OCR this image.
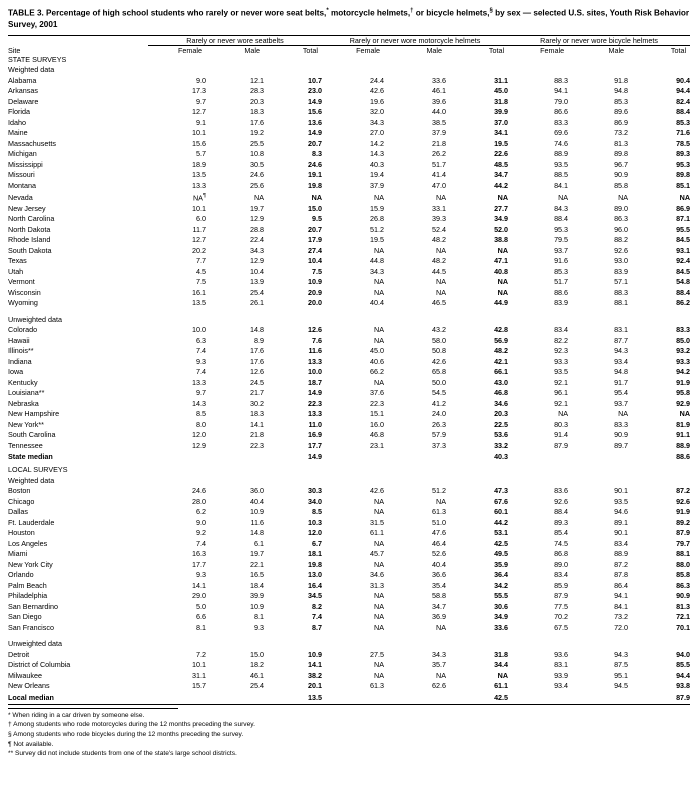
TABLE 3. Percentage of high school students who rarely or never wore seat belts,* motorcycle helmets,† or bicycle helmets,§ by sex — selected U.S. sites, Youth Risk Behavior Survey, 2001
	Rarely or never wore seatbelts			Rarely or never wore motorcycle helmets			Rarely or never wore bicycle helmets		
Site	Female	Male	Total	Female	Male	Total	Female	Male	Total
STATE SURVEYS									
Weighted data									
Alabama	9.0	12.1	10.7	24.4	33.6	31.1	88.3	91.8	90.4
Arkansas	17.3	28.3	23.0	42.6	46.1	45.0	94.1	94.8	94.4
Delaware	9.7	20.3	14.9	19.6	39.6	31.8	79.0	85.3	82.4
Florida	12.7	18.3	15.6	32.0	44.0	39.9	86.6	89.6	88.4
Idaho	9.1	17.6	13.6	34.3	38.5	37.0	83.3	86.9	85.3
Maine	10.1	19.2	14.9	27.0	37.9	34.1	69.6	73.2	71.6
Massachusetts	15.6	25.5	20.7	14.2	21.8	19.5	74.6	81.3	78.5
Michigan	5.7	10.8	8.3	14.3	26.2	22.6	88.9	89.8	89.3
Mississippi	18.9	30.5	24.6	40.3	51.7	48.5	93.5	96.7	95.3
Missouri	13.5	24.6	19.1	19.4	41.4	34.7	88.5	90.9	89.8
Montana	13.3	25.6	19.8	37.9	47.0	44.2	84.1	85.8	85.1
Nevada	NA¶	NA	NA	NA	NA	NA	NA	NA	NA
New Jersey	10.1	19.7	15.0	15.9	33.1	27.7	84.3	89.0	86.9
North Carolina	6.0	12.9	9.5	26.8	39.3	34.9	88.4	86.3	87.1
North Dakota	11.7	28.8	20.7	51.2	52.4	52.0	95.3	96.0	95.5
Rhode Island	12.7	22.4	17.9	19.5	48.2	38.8	79.5	88.2	84.5
South Dakota	20.2	34.3	27.4	NA	NA	NA	93.7	92.6	93.1
Texas	7.7	12.9	10.4	44.8	48.2	47.1	91.6	93.0	92.4
Utah	4.5	10.4	7.5	34.3	44.5	40.8	85.3	83.9	84.5
Vermont	7.5	13.9	10.9	NA	NA	NA	51.7	57.1	54.8
Wisconsin	16.1	25.4	20.9	NA	NA	NA	88.6	88.3	88.4
Wyoming	13.5	26.1	20.0	40.4	46.5	44.9	83.9	88.1	86.2

Unweighted data									
Colorado	10.0	14.8	12.6	NA	43.2	42.8	83.4	83.1	83.3
Hawaii	6.3	8.9	7.6	NA	58.0	56.9	82.2	87.7	85.0
Illinois**	7.4	17.6	11.6	45.0	50.8	48.2	92.3	94.3	93.2
Indiana	9.3	17.6	13.3	40.6	42.6	42.1	93.3	93.4	93.3
Iowa	7.4	12.6	10.0	66.2	65.8	66.1	93.5	94.8	94.2
Kentucky	13.3	24.5	18.7	NA	50.0	43.0	92.1	91.7	91.9
Louisiana**	9.7	21.7	14.9	37.6	54.5	46.8	96.1	95.4	95.8
Nebraska	14.3	30.2	22.3	22.3	41.2	34.6	92.1	93.7	92.9
New Hampshire	8.5	18.3	13.3	15.1	24.0	20.3	NA	NA	NA
New York**	8.0	14.1	11.0	16.0	26.3	22.5	80.3	83.3	81.9
South Carolina	12.0	21.8	16.9	46.8	57.9	53.6	91.4	90.9	91.1
Tennessee	12.9	22.3	17.7	23.1	37.3	33.2	87.9	89.7	88.9
State median			14.9			40.3			88.6

LOCAL SURVEYS									
Weighted data									
Boston	24.6	36.0	30.3	42.6	51.2	47.3	83.6	90.1	87.2
Chicago	28.0	40.4	34.0	NA	NA	67.6	92.6	93.5	92.6
Dallas	6.2	10.9	8.5	NA	61.3	60.1	88.4	94.6	91.9
Ft. Lauderdale	9.0	11.6	10.3	31.5	51.0	44.2	89.3	89.1	89.2
Houston	9.2	14.8	12.0	61.1	47.6	53.1	85.4	90.1	87.9
Los Angeles	7.4	6.1	6.7	NA	46.4	42.5	74.5	83.4	79.7
Miami	16.3	19.7	18.1	45.7	52.6	49.5	86.8	88.9	88.1
New York City	17.7	22.1	19.8	NA	40.4	35.9	89.0	87.2	88.0
Orlando	9.3	16.5	13.0	34.6	36.6	36.4	83.4	87.8	85.8
Palm Beach	14.1	18.4	16.4	31.3	35.4	34.2	85.9	86.4	86.3
Philadelphia	29.0	39.9	34.5	NA	58.8	55.5	87.9	94.1	90.9
San Bernardino	5.0	10.9	8.2	NA	34.7	30.6	77.5	84.1	81.3
San Diego	6.6	8.1	7.4	NA	36.9	34.9	70.2	73.2	72.1
San Francisco	8.1	9.3	8.7	NA	NA	33.6	67.5	72.0	70.1

Unweighted data									
Detroit	7.2	15.0	10.9	27.5	34.3	31.8	93.6	94.3	94.0
District of Columbia	10.1	18.2	14.1	NA	35.7	34.4	83.1	87.5	85.5
Milwaukee	31.1	46.1	38.2	NA	NA	NA	93.9	95.1	94.4
New Orleans	15.7	25.4	20.1	61.3	62.6	61.1	93.4	94.5	93.8
Local median			13.5			42.5			87.9
* When riding in a car driven by someone else.
† Among students who rode motorcycles during the 12 months preceding the survey.
§ Among students who rode bicycles during the 12 months preceding the survey.
¶ Not available.
** Survey did not include students from one of the state's large school districts.
